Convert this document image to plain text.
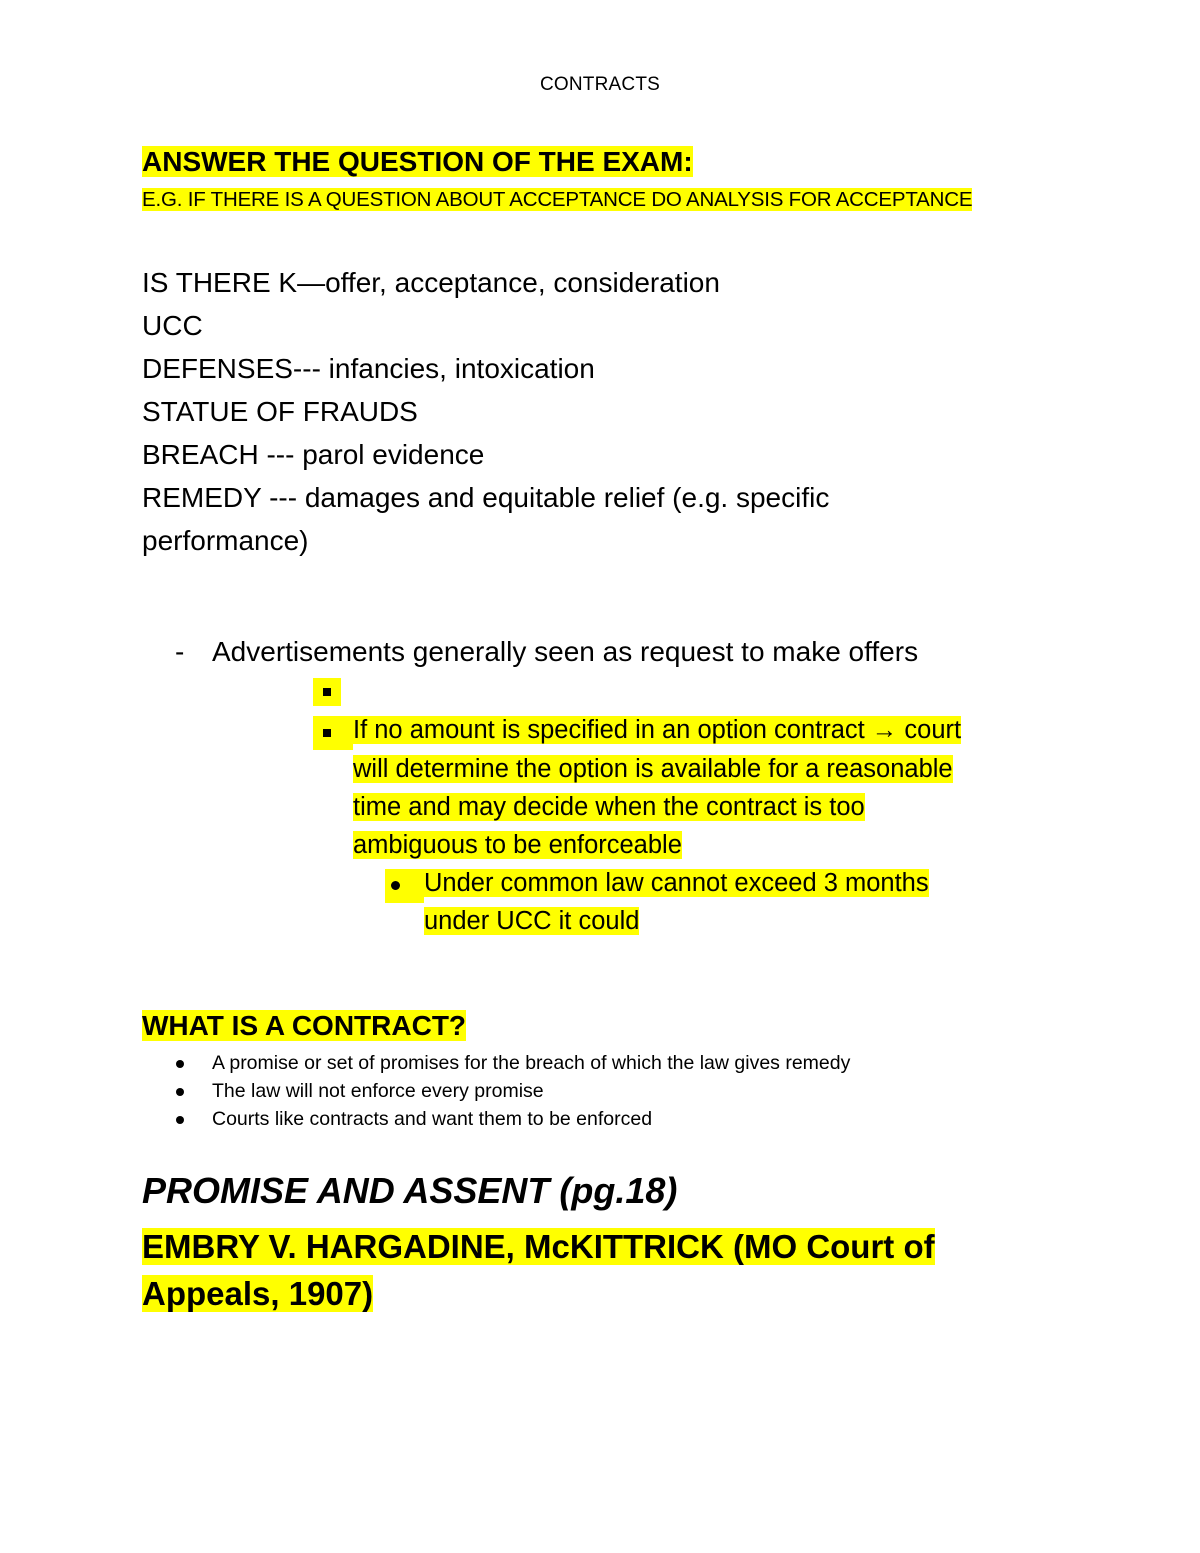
CONTRACTS
ANSWER THE QUESTION OF THE EXAM:
E.G. IF THERE IS A QUESTION ABOUT ACCEPTANCE DO ANALYSIS FOR ACCEPTANCE
IS THERE K—offer, acceptance, consideration
UCC
DEFENSES--- infancies, intoxication
STATUE OF FRAUDS
BREACH --- parol evidence
REMEDY --- damages and equitable relief (e.g. specific
performance)
- Advertisements generally seen as request to make offers
If no amount is specified in an option contract → court
will determine the option is available for a reasonable
time and may decide when the contract is too
ambiguous to be enforceable
Under common law cannot exceed 3 months
under UCC it could
WHAT IS A CONTRACT?
A promise or set of promises for the breach of which the law gives remedy
The law will not enforce every promise
Courts like contracts and want them to be enforced
PROMISE AND ASSENT (pg.18)
EMBRY V. HARGADINE, McKITTRICK (MO Court of
Appeals, 1907)
